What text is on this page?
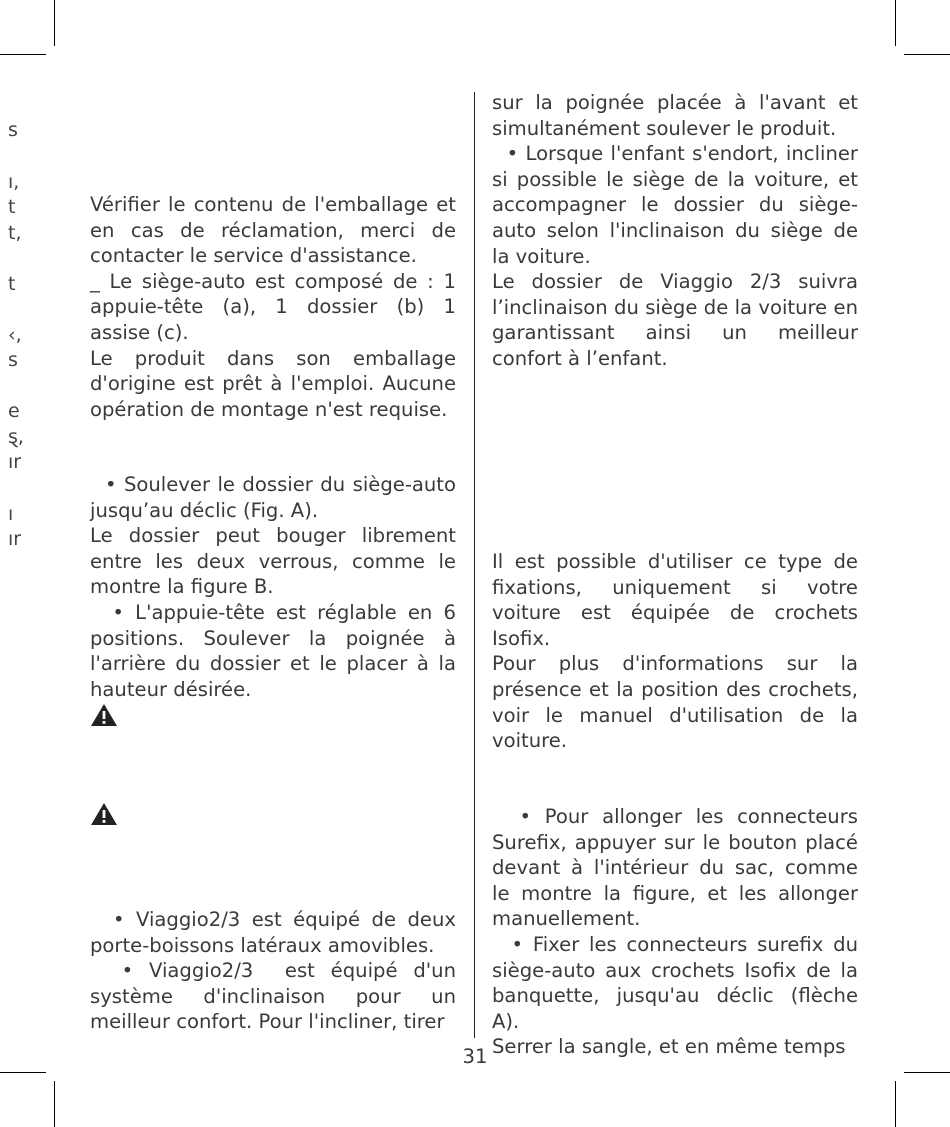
s
ı,
t
t,
t
‹,
s
e
ȿ,
ır
ı
ır

Vérifier le contenu de l'emballage et en cas de réclamation, merci de contacter le service d'assistance.

_ Le siège-auto est composé de : 1 appuie-tête (a), 1 dossier (b) 1 assise (c).

Le produit dans son emballage d'origine est prêt à l'emploi. Aucune opération de montage n'est requise.

• Soulever le dossier du siège-auto jusqu’au déclic (Fig. A).

Le dossier peut bouger librement entre les deux verrous, comme le montre la figure B.

• L'appuie-tête est réglable en 6 positions. Soulever la poignée à l'arrière du dossier et le placer à la hauteur désirée.

• Viaggio2/3 est équipé de deux porte-boissons latéraux amovibles.

• Viaggio2/3  est équipé d'un système d'inclinaison pour un meilleur confort. Pour l'incliner, tirer

sur la poignée placée à l'avant et simultanément soulever le produit.

• Lorsque l'enfant s'endort, incliner si possible le siège de la voiture, et accompagner le dossier du siège-auto selon l'inclinaison du siège de la voiture.

Le dossier de Viaggio 2/3 suivra l’inclinaison du siège de la voiture en garantissant ainsi un meilleur confort à l’enfant.

Il est possible d'utiliser ce type de fixations, uniquement si votre voiture est équipée de crochets Isofix.

Pour plus d'informations sur la présence et la position des crochets, voir le manuel d'utilisation de la voiture.

• Pour allonger les connecteurs Surefix, appuyer sur le bouton placé devant à l'intérieur du sac, comme le montre la figure, et les allonger manuellement.

• Fixer les connecteurs surefix du siège-auto aux crochets Isofix de la banquette, jusqu'au déclic (flèche A).

Serrer la sangle, et en même temps

31
